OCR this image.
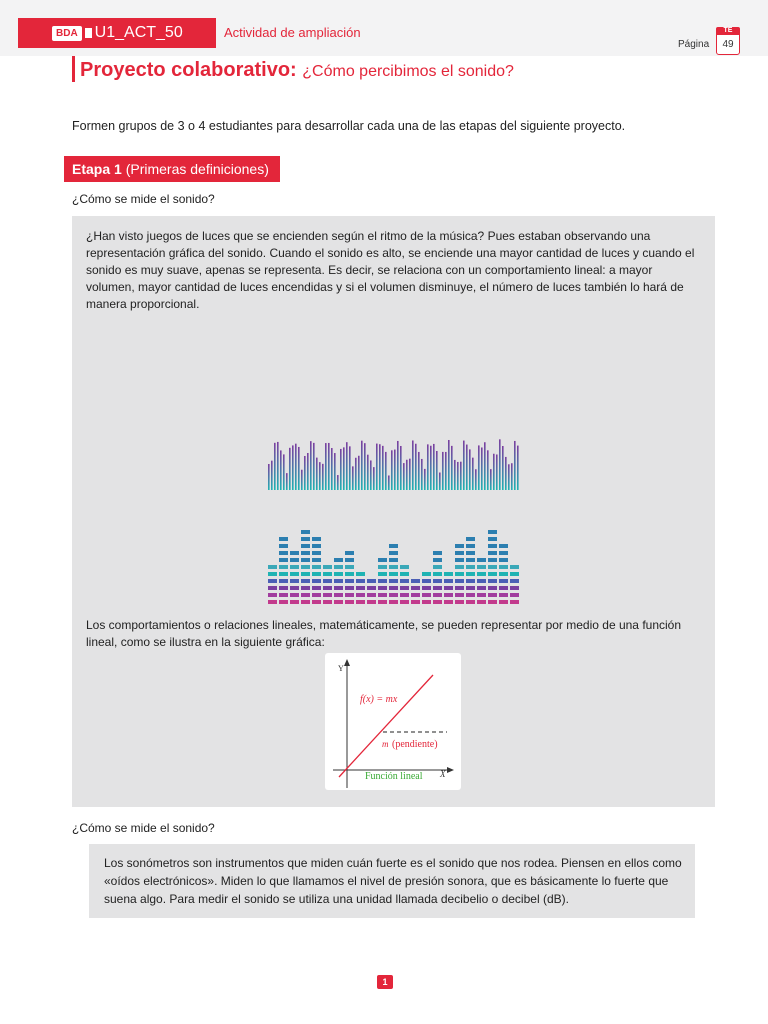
BDA U1_ACT_50	Actividad de ampliación
Página
TE
49
Proyecto colaborativo: ¿Cómo percibimos el sonido?
Formen grupos de 3 o 4 estudiantes para desarrollar cada una de las etapas del siguiente proyecto.
Etapa 1 (Primeras definiciones)
¿Cómo se mide el sonido?
¿Han visto juegos de luces que se encienden según el ritmo de la música? Pues estaban observando una representación gráfica del sonido. Cuando el sonido es alto, se enciende una mayor cantidad de luces y cuando el sonido es muy suave, apenas se representa. Es decir, se relaciona con un comportamiento lineal: a mayor volumen, mayor cantidad de luces encendidas y si el volumen disminuye, el número de luces también lo hará de manera proporcional.
Los comportamientos o relaciones lineales, matemáticamente, se pueden representar por medio de una función lineal, como se ilustra en la siguiente gráfica:
Y
X
f(x) = mx
m (pendiente)
Función lineal
¿Cómo se mide el sonido?
Los sonómetros son instrumentos que miden cuán fuerte es el sonido que nos rodea. Piensen en ellos como «oídos electrónicos». Miden lo que llamamos el nivel de presión sonora, que es básicamente lo fuerte que suena algo. Para medir el sonido se utiliza una unidad llamada decibelio o decibel (dB).
1
